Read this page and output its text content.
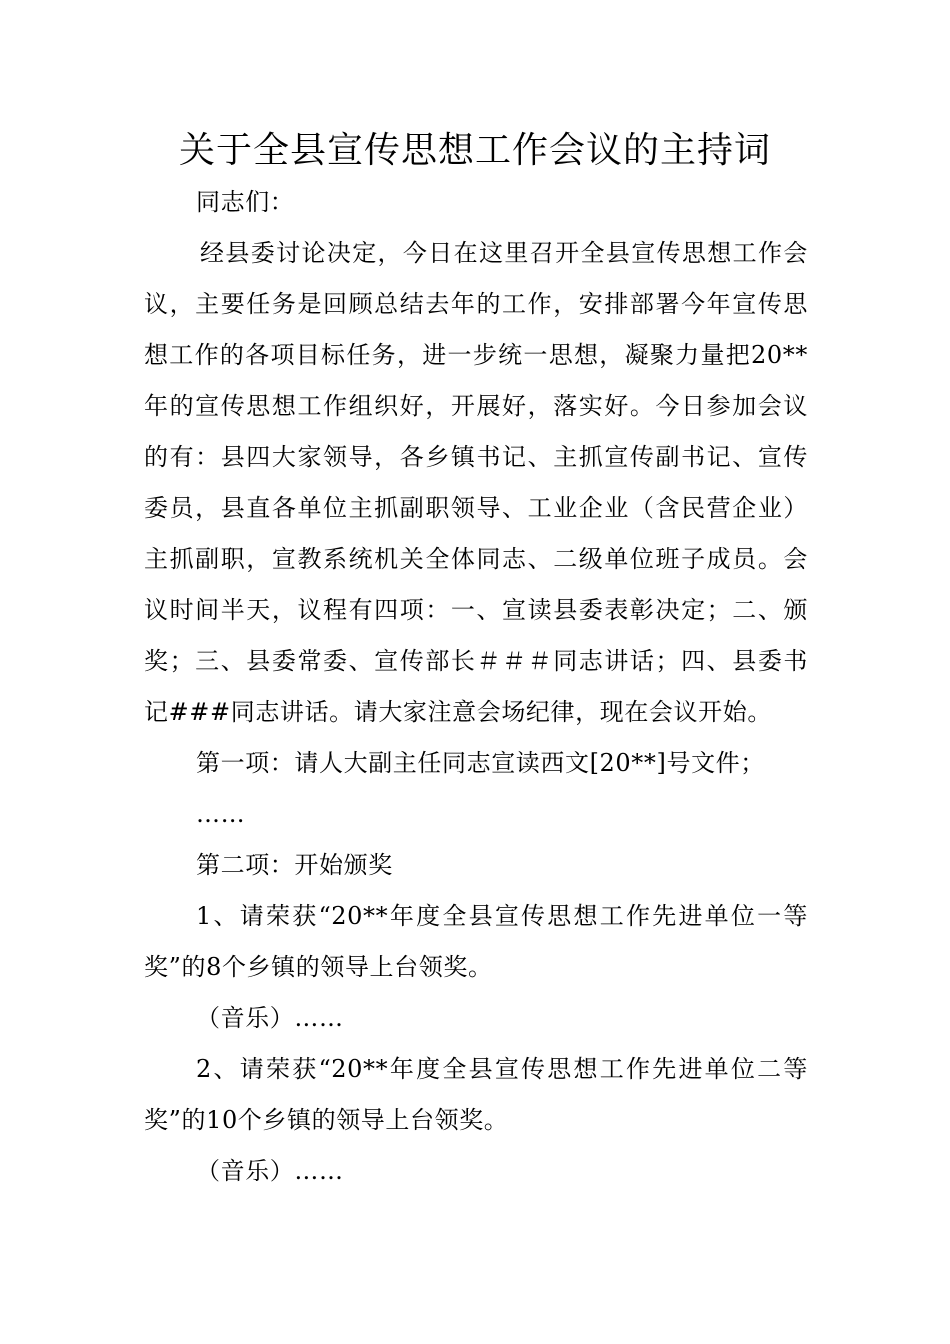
关于全县宣传思想工作会议的主持词

同志们：

经县委讨论决定，今日在这里召开全县宣传思想工作会议，主要任务是回顾总结去年的工作，安排部署今年宣传思想工作的各项目标任务，进一步统一思想，凝聚力量把20**年的宣传思想工作组织好，开展好，落实好。今日参加会议的有：县四大家领导，各乡镇书记、主抓宣传副书记、宣传委员，县直各单位主抓副职领导、工业企业（含民营企业）主抓副职，宣教系统机关全体同志、二级单位班子成员。会议时间半天，议程有四项：一、宣读县委表彰决定；二、颁奖；三、县委常委、宣传部长＃＃＃同志讲话；四、县委书记###同志讲话。请大家注意会场纪律，现在会议开始。

第一项：请人大副主任同志宣读西文[20**]号文件；

……

第二项：开始颁奖

1、请荣获“20**年度全县宣传思想工作先进单位一等奖”的8个乡镇的领导上台领奖。

（音乐）……

2、请荣获“20**年度全县宣传思想工作先进单位二等奖”的10个乡镇的领导上台领奖。

（音乐）……
